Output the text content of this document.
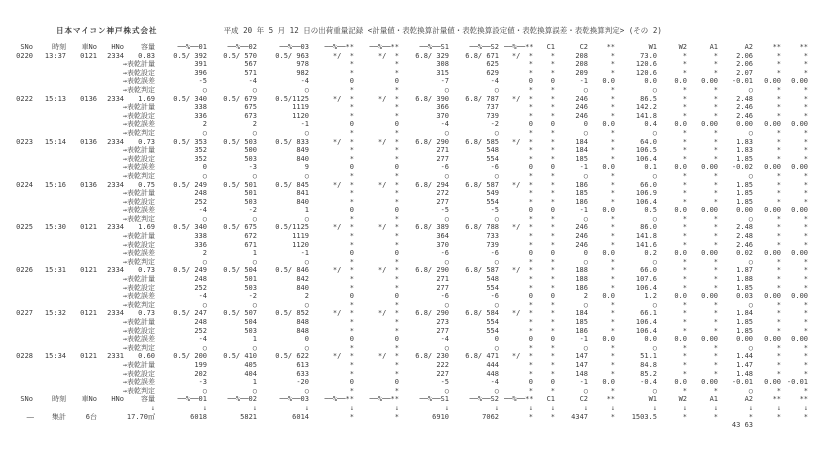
日本マイコン神戸株式会社	平成 20 年 5 月 12 日の出荷重量記録 <計量値・表乾換算計量値・表乾換算設定値・表乾換算誤差・表乾換算判定> (その 2)
SNo	時刻	車No	HNo	容量	──%──01	──%──02	──%──03	──%──**	──%──**	──%──S1	──%──S2	──%──**	C1	C2	**	W1	W2	A1	A2	**	**
0220	13:37	0121	2334	0.83	0.5/ 392	0.5/ 570	0.5/ 963	*/  *	*/  *	6.8/ 329	6.8/ 671	*/  *	*	208	*	73.0	*	*	2.06	*	*
			→表乾計量		391	567	978	*	*	308	625	*	*	208	*	120.6	*	*	2.06	*	*
			→表乾設定		396	571	982	*	*	315	629	*	*	209	*	120.6	*	*	2.07	*	*
			→表乾誤差		-5	-4	-4	0	0	-7	-4	0	0	-1	0.0	0.0	0.0	0.00	-0.01	0.00	0.00
			→表乾判定		○	○	○	*	*	○	○	*	*	○	*	○	*	*	○	*	*
0222	15:13	0136	2334	1.69	0.5/ 340	0.5/ 679	0.5/1125	*/  *	*/  *	6.8/ 390	6.8/ 787	*/  *	*	246	*	86.5	*	*	2.48	*	*
			→表乾計量		338	675	1119	*	*	366	737	*	*	246	*	142.2	*	*	2.46	*	*
			→表乾設定		336	673	1120	*	*	370	739	*	*	246	*	141.8	*	*	2.46	*	*
			→表乾誤差		2	2	-1	0	0	-4	-2	0	0	0	0.0	0.4	0.0	0.00	0.00	0.00	0.00
			→表乾判定		○	○	○	*	*	○	○	*	*	○	*	○	*	*	○	*	*
0223	15:14	0136	2334	0.73	0.5/ 353	0.5/ 503	0.5/ 833	*/  *	*/  *	6.8/ 290	6.8/ 585	*/  *	*	184	*	64.0	*	*	1.83	*	*
			→表乾計量		352	500	849	*	*	271	548	*	*	184	*	106.5	*	*	1.83	*	*
			→表乾設定		352	503	840	*	*	277	554	*	*	185	*	106.4	*	*	1.85	*	*
			→表乾誤差		0	-3	9	0	0	-6	-6	0	0	-1	0.0	0.1	0.0	0.00	-0.02	0.00	0.00
			→表乾判定		○	○	○	*	*	○	○	*	*	○	*	○	*	*	○	*	*
0224	15:16	0136	2334	0.75	0.5/ 249	0.5/ 501	0.5/ 845	*/  *	*/  *	6.8/ 294	6.8/ 587	*/  *	*	186	*	66.0	*	*	1.85	*	*
			→表乾計量		248	501	841	*	*	272	549	*	*	185	*	106.9	*	*	1.85	*	*
			→表乾設定		252	503	840	*	*	277	554	*	*	186	*	106.4	*	*	1.85	*	*
			→表乾誤差		-4	-2	1	0	0	-5	-5	0	0	-1	0.0	0.5	0.0	0.00	0.00	0.00	0.00
			→表乾判定		○	○	○	*	*	○	○	*	*	○	*	○	*	*	○	*	*
0225	15:30	0121	2334	1.69	0.5/ 340	0.5/ 675	0.5/1125	*/  *	*/  *	6.8/ 389	6.8/ 788	*/  *	*	246	*	86.0	*	*	2.48	*	*
			→表乾計量		338	672	1119	*	*	364	733	*	*	246	*	141.8	*	*	2.48	*	*
			→表乾設定		336	671	1120	*	*	370	739	*	*	246	*	141.6	*	*	2.46	*	*
			→表乾誤差		2	1	-1	0	0	-6	-6	0	0	0	0.0	0.2	0.0	0.00	0.02	0.00	0.00
			→表乾判定		○	○	○	*	*	○	○	*	*	○	*	○	*	*	○	*	*
0226	15:31	0121	2334	0.73	0.5/ 249	0.5/ 504	0.5/ 846	*/  *	*/  *	6.8/ 290	6.8/ 587	*/  *	*	188	*	66.0	*	*	1.87	*	*
			→表乾計量		248	501	842	*	*	271	548	*	*	188	*	107.6	*	*	1.88	*	*
			→表乾設定		252	503	840	*	*	277	554	*	*	186	*	106.4	*	*	1.85	*	*
			→表乾誤差		-4	-2	2	0	0	-6	-6	0	0	2	0.0	1.2	0.0	0.00	0.03	0.00	0.00
			→表乾判定		○	○	○	*	*	○	○	*	*	○	*	○	*	*	○	*	*
0227	15:32	0121	2334	0.73	0.5/ 247	0.5/ 507	0.5/ 852	*/  *	*/  *	6.8/ 290	6.8/ 584	*/  *	*	184	*	66.1	*	*	1.84	*	*
			→表乾計量		248	504	848	*	*	273	554	*	*	185	*	106.4	*	*	1.85	*	*
			→表乾設定		252	503	848	*	*	277	554	*	*	186	*	106.4	*	*	1.85	*	*
			→表乾誤差		-4	1	0	0	0	-4	0	0	0	-1	0.0	0.0	0.0	0.00	0.00	0.00	0.00
			→表乾判定		○	○	○	*	*	○	○	*	*	○	*	○	*	*	○	*	*
0228	15:34	0121	2331	0.60	0.5/ 200	0.5/ 410	0.5/ 622	*/  *	*/  *	6.8/ 230	6.8/ 471	*/  *	*	147	*	51.1	*	*	1.44	*	*
			→表乾計量		199	405	613	*	*	222	444	*	*	147	*	84.8	*	*	1.47	*	*
			→表乾設定		202	404	633	*	*	227	448	*	*	148	*	85.2	*	*	1.48	*	*
			→表乾誤差		-3	1	-20	0	0	-5	-4	0	0	-1	0.0	-0.4	0.0	0.00	-0.01	0.00	-0.01
			→表乾判定		○	○	○	*	*	○	○	*	*	○	*	○	*	*	○	*	*
SNo	時刻	車No	HNo	容量	──%──01	──%──02	──%──03	──%──**	──%──**	──%──S1	──%──S2	──%──**	C1	C2	**	W1	W2	A1	A2	**	**
				↓	↓	↓	↓	↓	↓	↓	↓	↓	↓	↓	↓	↓	↓	↓	↓	↓	↓
——	集計	6台	17.70㎥		6018	5821	6014	*	*	6910	7062	*	*	4347	*	1503.5	*	*	*	*	*
																		43 63			
